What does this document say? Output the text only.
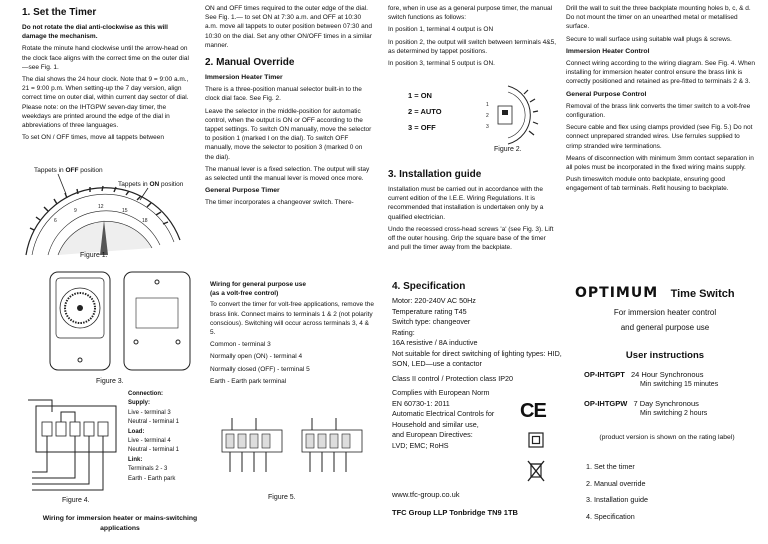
1. Set the Timer

Do not rotate the dial anti-clockwise as this will damage the mechanism.

Rotate the minute hand clockwise until the arrow-head on the clock face aligns with the correct time on the outer dial—see Fig. 1.

The dial shows the 24 hour clock. Note that 9 = 9:00 a.m., 21 = 9:00 p.m. When setting-up the 7 day version, align correct time on outer dial, within current day sector of dial. Please note: on the IHTGPW seven-day timer, the weekdays are printed around the edge of the dial in abbreviations of three languages.

To set ON / OFF times, move all tappets between

Tappets in OFF position
Tappets in ON position
6
9
12
15
18
Figure 1.
Figure 3.
Figure 4.
Wiring for immersion heater or mains-switching applications
Connection:
Supply:
Live - terminal 3
Neutral - terminal 1
Load:
Live - terminal 4
Neutral - terminal 1
Link:
Terminals 2 - 3
Earth - Earth park

ON and OFF times required to the outer edge of the dial. See Fig. 1.— to set ON at 7:30 a.m. and OFF at 10:30 a.m. move all tappets to outer position between 07:30 and 10:30 on the dial. Set any other ON/OFF times in a similar manner.

2. Manual Override
Immersion Heater Timer

There is a three-position manual selector built-in to the clock dial face. See Fig. 2.

Leave the selector in the middle-position for automatic control, when the output is ON or OFF according to the tappet settings. To switch ON manually, move the selector to position 1 (marked I on the dial). To switch OFF manually, move the selector to position 3 (marked 0 on the dial).

The manual lever is a fixed selection. The output will stay as selected until the manual lever is moved once more.

General Purpose Timer

The timer incorporates a changeover switch. There-

Wiring for general purpose use
(as a volt-free control)

To convert the timer for volt-free applications, remove the brass link. Connect mains to terminals 1 & 2 (not polarity conscious). Switching will occur across terminals 3, 4 & 5.

Common - terminal 3

Normally open (ON) - terminal 4

Normally closed (OFF) - terminal 5

Earth - Earth park terminal

Figure 5.

fore, when in use as a general purpose timer, the manual switch functions as follows:

In position 1, terminal 4 output is ON

In position 2, the output will switch between terminals 4&5, as determined by tappet positions.

In position 3, terminal 5 output is ON.

1 = ON
2 = AUTO
3 = OFF
1
2
3
Figure 2.
3. Installation guide

Installation must be carried out in accordance with the current edition of the I.E.E. Wiring Regulations. It is recommended that installation is undertaken only by a qualified electrician.

Undo the recessed cross-head screws 'a' (see Fig. 3). Lift off the outer housing. Grip the square base of the timer and pull the timer away from the backplate.

4. Specification
Motor: 220-240V AC 50Hz
Temperature rating T45
Switch type: changeover
Rating:
16A resistive / 8A inductive
Not suitable for direct switching of lighting types: HID, SON, LED—use a contactor
Class II control / Protection class IP20
Complies with European Norm
EN 60730-1: 2011
Automatic Electrical Controls for
Household and similar use,
and European Directives:
LVD; EMC; RoHS
CE
www.tfc-group.co.uk
TFC Group LLP Tonbridge TN9 1TB

Drill the wall to suit the three backplate mounting holes b, c, & d. Do not mount the timer on an unearthed metal or metallised surface.

Secure to wall surface using suitable wall plugs & screws.

Immersion Heater Control

Connect wiring according to the wiring diagram. See Fig. 4. When installing for immersion heater control ensure the brass link is correctly positioned and retained as pre-fitted to terminals 2 & 3.

General Purpose Control

Removal of the brass link converts the timer switch to a volt-free configuration.

Secure cable and flex using clamps provided (see Fig. 5.) Do not connect unprepared stranded wires. Use ferrules supplied to crimp stranded wire terminations.

Means of disconnection with minimum 3mm contact separation in all poles must be incorporated in the fixed wiring mains supply.

Push timeswitch module onto backplate, ensuring good engagement of tab terminals. Refit housing to backplate.

OPTIMUM Time Switch
For immersion heater control
and general purpose use
User instructions
OP-IHTGPT 24 Hour Synchronous
Min switching 15 minutes
OP-IHTGPW 7 Day Synchronous
Min switching 2 hours
(product version is shown on the rating label)
1. Set the timer
2. Manual override
3. Installation guide
4. Specification
